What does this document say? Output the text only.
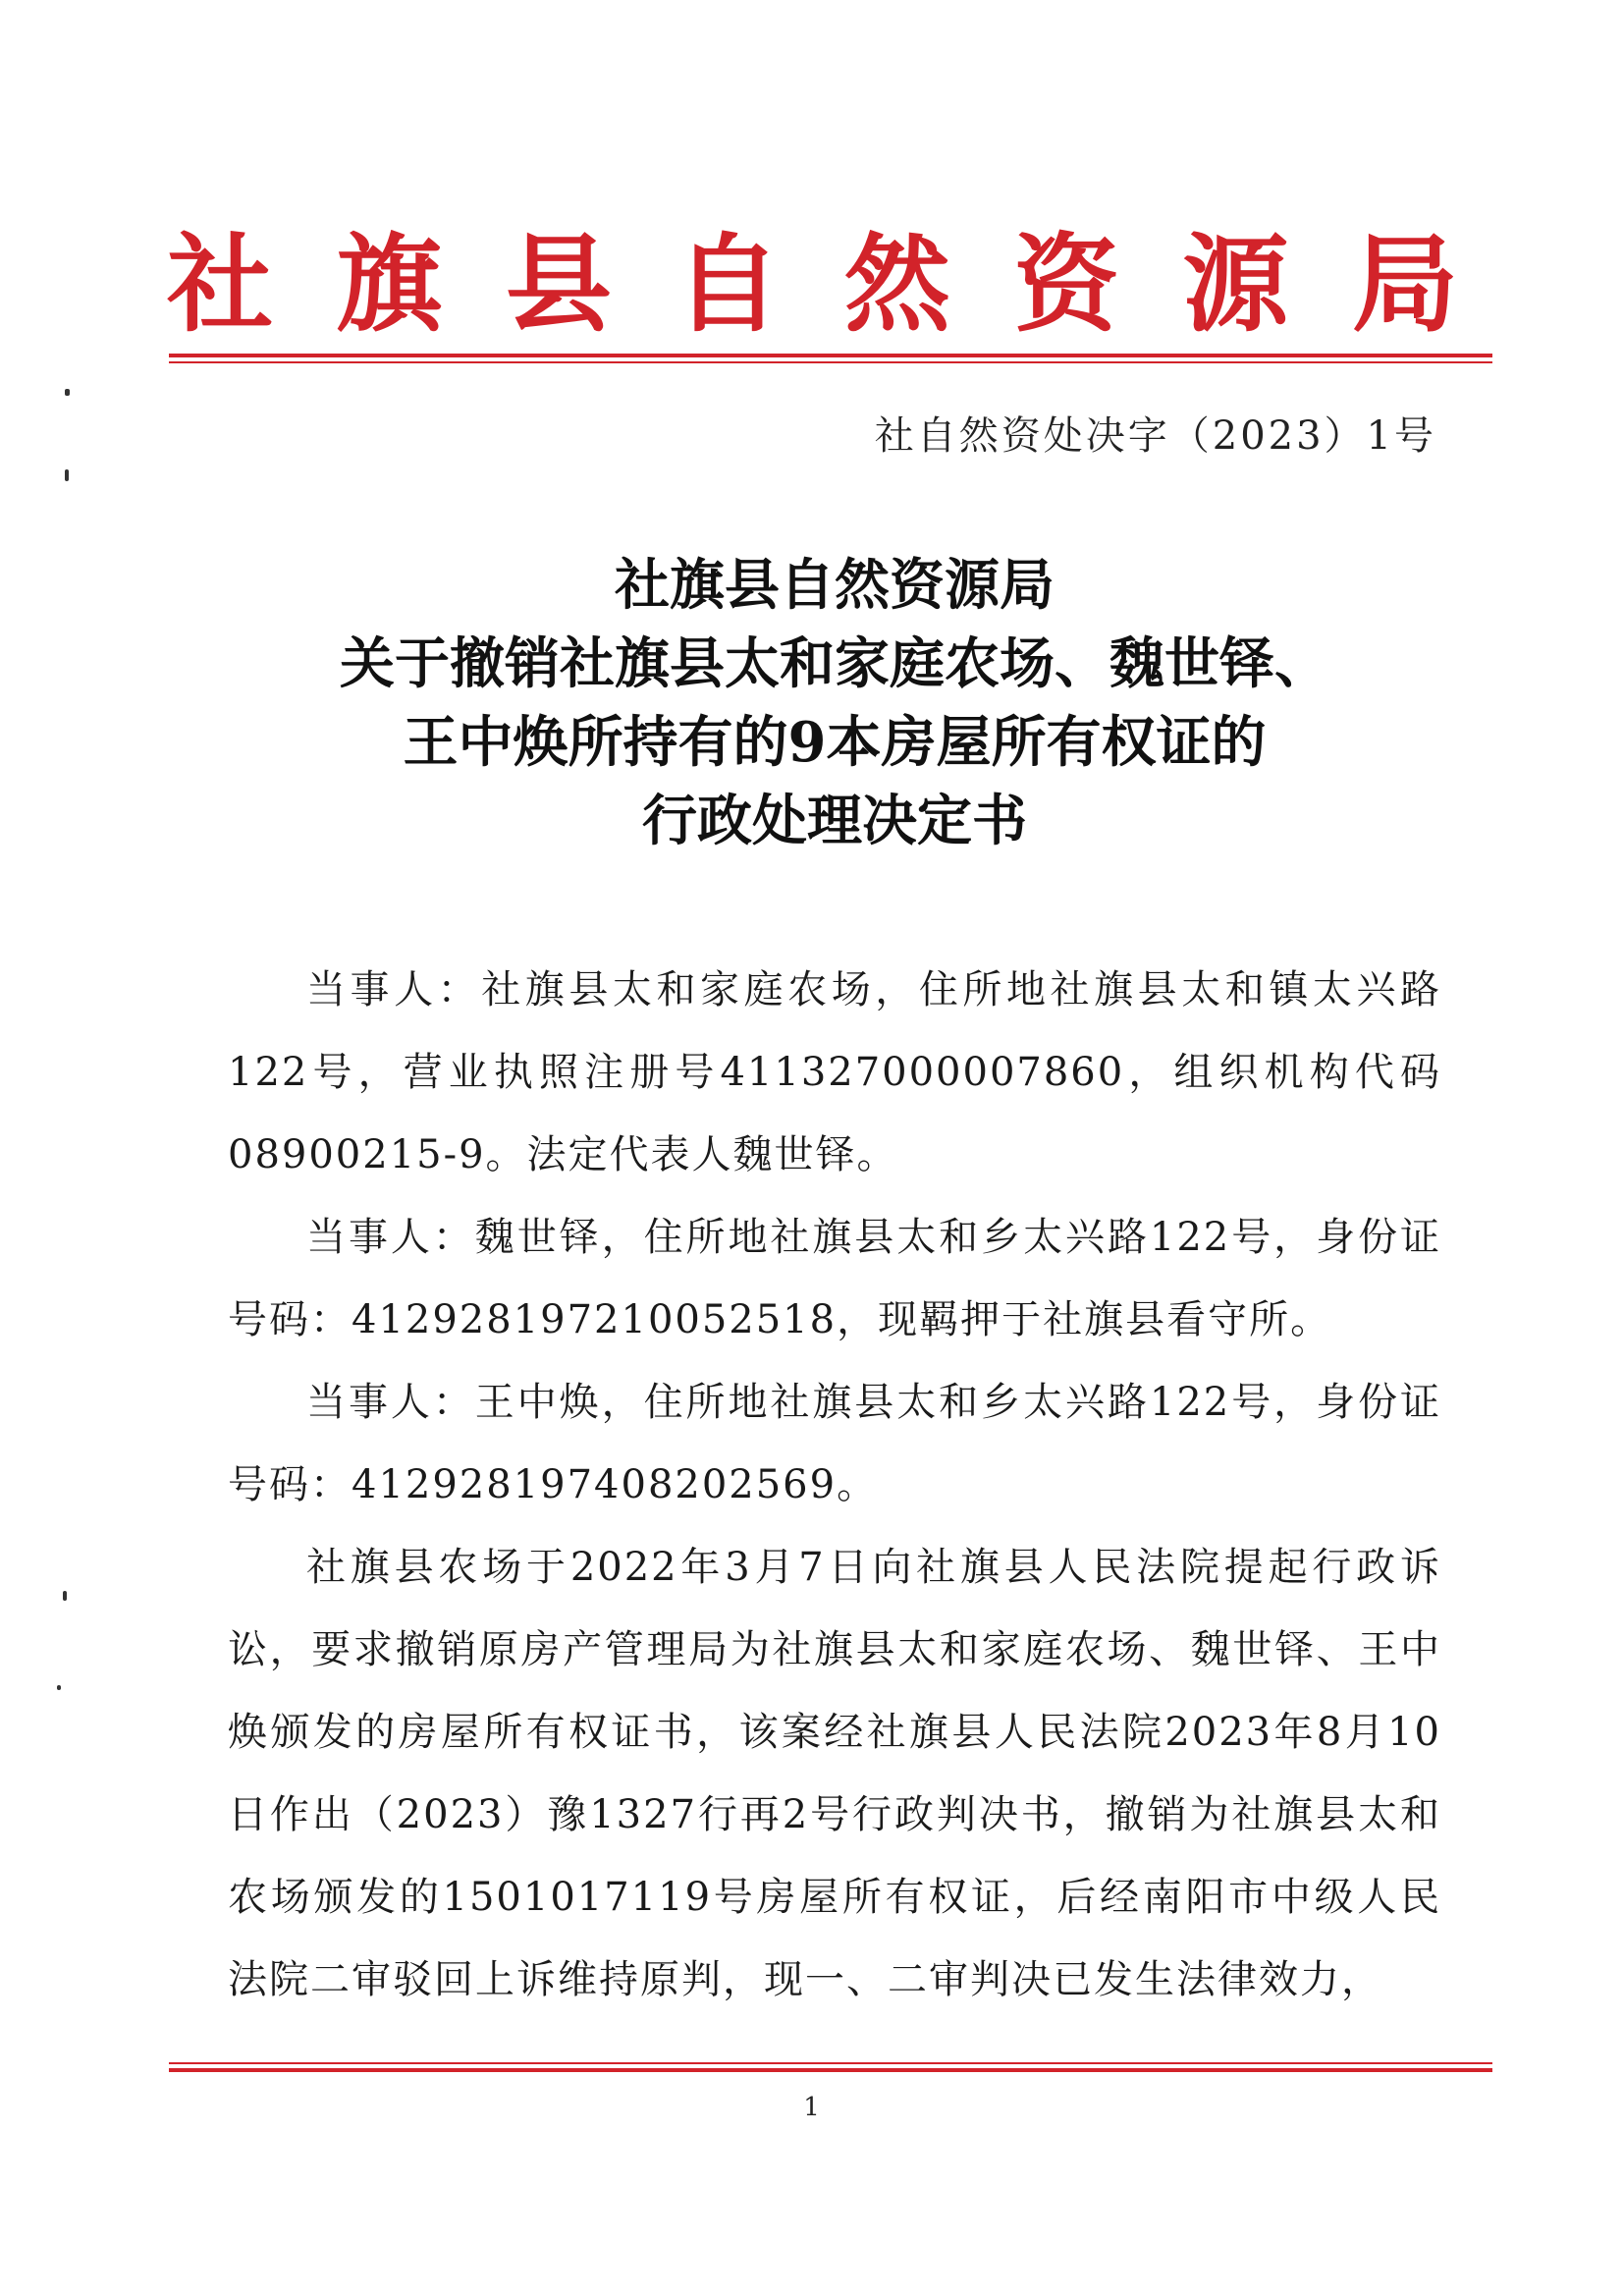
社旗县自然资源局
社自然资处决字（2023）1号
社旗县自然资源局
关于撤销社旗县太和家庭农场、魏世铎、
王中焕所持有的9本房屋所有权证的
行政处理决定书

当事人：社旗县太和家庭农场，住所地社旗县太和镇太兴路122号，营业执照注册号411327000007860，组织机构代码08900215-9。法定代表人魏世铎。

当事人：魏世铎，住所地社旗县太和乡太兴路122号，身份证号码：412928197210052518，现羁押于社旗县看守所。

当事人：王中焕，住所地社旗县太和乡太兴路122号，身份证号码：412928197408202569。

社旗县农场于2022年3月7日向社旗县人民法院提起行政诉讼，要求撤销原房产管理局为社旗县太和家庭农场、魏世铎、王中焕颁发的房屋所有权证书，该案经社旗县人民法院2023年8月10日作出（2023）豫1327行再2号行政判决书，撤销为社旗县太和农场颁发的1501017119号房屋所有权证，后经南阳市中级人民法院二审驳回上诉维持原判，现一、二审判决已发生法律效力，

1
